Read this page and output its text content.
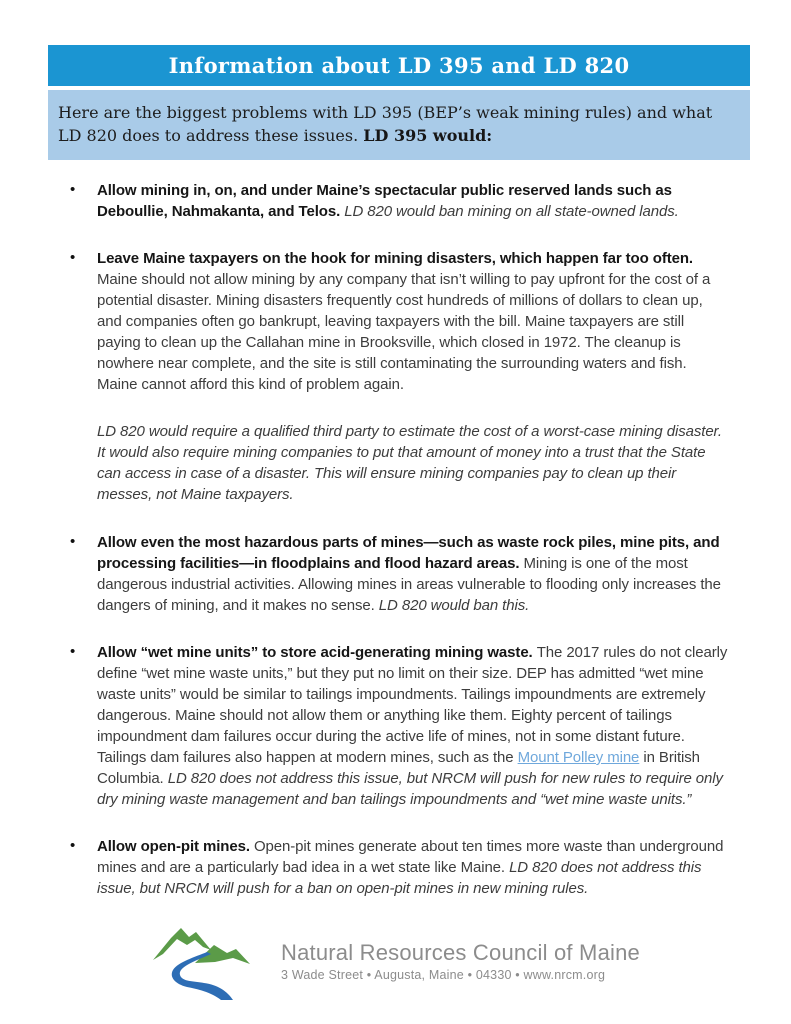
Information about LD 395 and LD 820

Here are the biggest problems with LD 395 (BEP’s weak mining rules) and what LD 820 does to address these issues. LD 395 would:

• Allow mining in, on, and under Maine’s spectacular public reserved lands such as Deboullie, Nahmakanta, and Telos. LD 820 would ban mining on all state-owned lands.

• Leave Maine taxpayers on the hook for mining disasters, which happen far too often. Maine should not allow mining by any company that isn’t willing to pay upfront for the cost of a potential disaster. Mining disasters frequently cost hundreds of millions of dollars to clean up, and companies often go bankrupt, leaving taxpayers with the bill. Maine taxpayers are still paying to clean up the Callahan mine in Brooksville, which closed in 1972. The cleanup is nowhere near complete, and the site is still contaminating the surrounding waters and fish. Maine cannot afford this kind of problem again.

LD 820 would require a qualified third party to estimate the cost of a worst-case mining disaster. It would also require mining companies to put that amount of money into a trust that the State can access in case of a disaster. This will ensure mining companies pay to clean up their messes, not Maine taxpayers.

• Allow even the most hazardous parts of mines—such as waste rock piles, mine pits, and processing facilities—in floodplains and flood hazard areas. Mining is one of the most dangerous industrial activities. Allowing mines in areas vulnerable to flooding only increases the dangers of mining, and it makes no sense. LD 820 would ban this.

• Allow “wet mine units” to store acid-generating mining waste. The 2017 rules do not clearly define “wet mine waste units,” but they put no limit on their size. DEP has admitted “wet mine waste units” would be similar to tailings impoundments. Tailings impoundments are extremely dangerous. Maine should not allow them or anything like them. Eighty percent of tailings impoundment dam failures occur during the active life of mines, not in some distant future. Tailings dam failures also happen at modern mines, such as the Mount Polley mine in British Columbia. LD 820 does not address this issue, but NRCM will push for new rules to require only dry mining waste management and ban tailings impoundments and “wet mine waste units.”

• Allow open-pit mines. Open-pit mines generate about ten times more waste than underground mines and are a particularly bad idea in a wet state like Maine. LD 820 does not address this issue, but NRCM will push for a ban on open-pit mines in new mining rules.

Natural Resources Council of Maine
3 Wade Street • Augusta, Maine • 04330 • www.nrcm.org
